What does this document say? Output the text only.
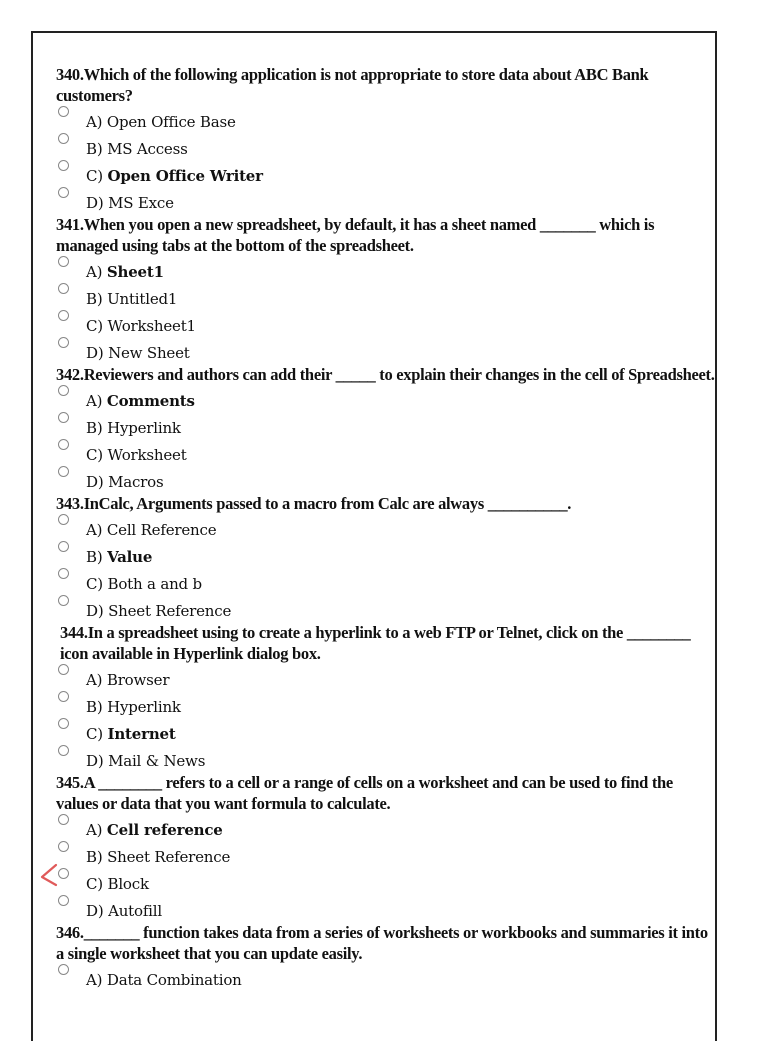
340.Which of the following application is not appropriate to store data about ABC Bank customers?

A) Open Office Base
B) MS Access
C) Open Office Writer
D) MS Exce

341.When you open a new spreadsheet, by default, it has a sheet named _______ which is managed using tabs at the bottom of the spreadsheet.

A) Sheet1
B) Untitled1
C) Worksheet1
D) New Sheet

342.Reviewers and authors can add their _____ to explain their changes in the cell of Spreadsheet.

A) Comments
B) Hyperlink
C) Worksheet
D) Macros

343.InCalc, Arguments passed to a macro from Calc are always __________.

A) Cell Reference
B) Value
C) Both a and b
D) Sheet Reference

344.In a spreadsheet using to create a hyperlink to a web FTP or Telnet, click on the ________ icon available in Hyperlink dialog box.

A) Browser
B) Hyperlink
C) Internet
D) Mail & News

345.A ________ refers to a cell or a range of cells on a worksheet and can be used to find the values or data that you want formula to calculate.

A) Cell reference
B) Sheet Reference
C) Block
D) Autofill

346._______ function takes data from a series of worksheets or workbooks and summaries it into a single worksheet that you can update easily.

A) Data Combination
